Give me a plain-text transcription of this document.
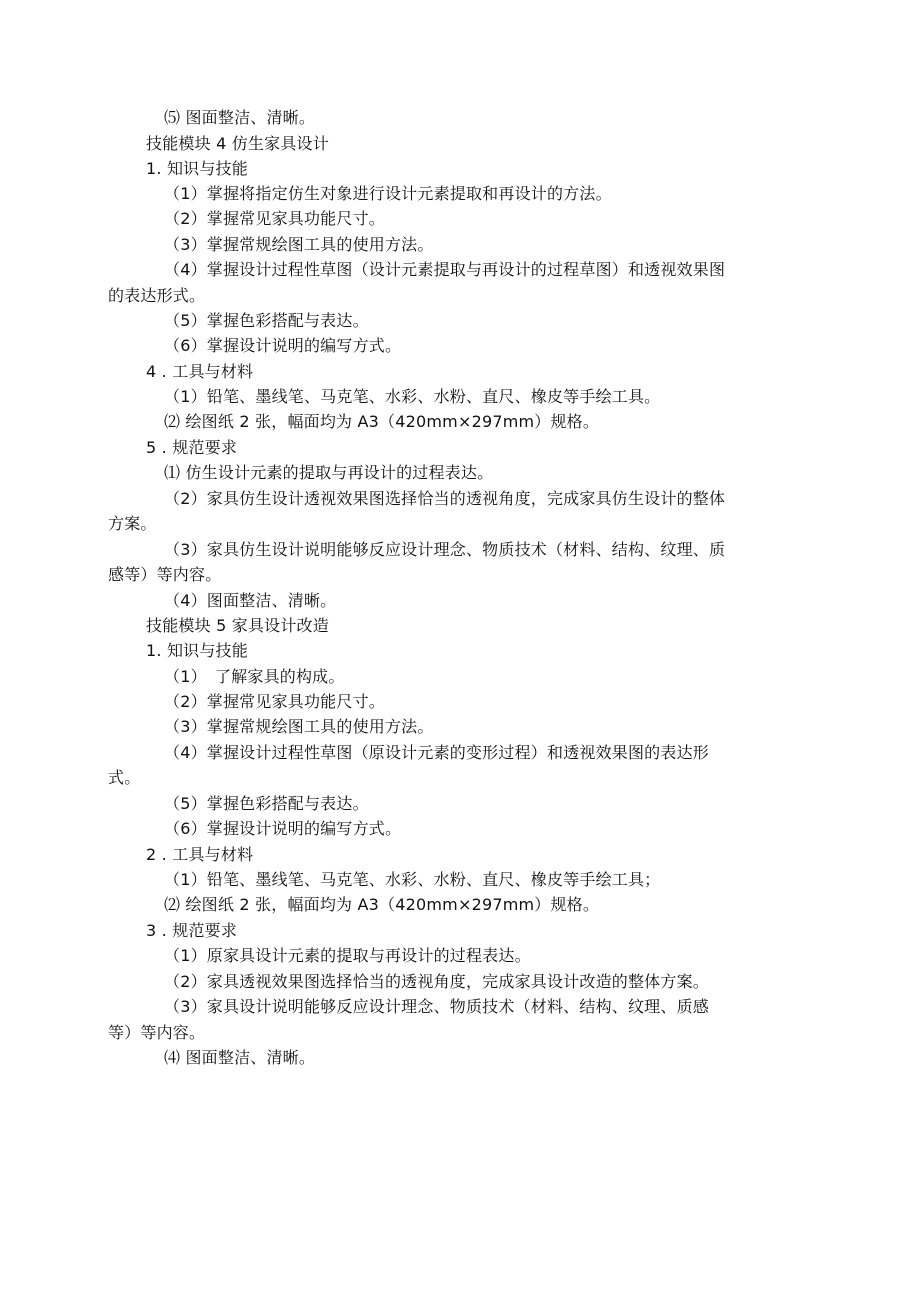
⑸ 图面整洁、清晰。
技能模块 4 仿生家具设计
1. 知识与技能
（1）掌握将指定仿生对象进行设计元素提取和再设计的方法。
（2）掌握常见家具功能尺寸。
（3）掌握常规绘图工具的使用方法。
（4）掌握设计过程性草图（设计元素提取与再设计的过程草图）和透视效果图
的表达形式。
（5）掌握色彩搭配与表达。
（6）掌握设计说明的编写方式。
4 . 工具与材料
（1）铅笔、墨线笔、马克笔、水彩、水粉、直尺、橡皮等手绘工具。
⑵ 绘图纸 2 张，幅面均为 A3（420mm×297mm）规格。
5 . 规范要求
⑴ 仿生设计元素的提取与再设计的过程表达。
（2）家具仿生设计透视效果图选择恰当的透视角度，完成家具仿生设计的整体
方案。
（3）家具仿生设计说明能够反应设计理念、物质技术（材料、结构、纹理、质
感等）等内容。
（4）图面整洁、清晰。
技能模块 5 家具设计改造
1. 知识与技能
（1）　了解家具的构成。
（2）掌握常见家具功能尺寸。
（3）掌握常规绘图工具的使用方法。
（4）掌握设计过程性草图（原设计元素的变形过程）和透视效果图的表达形
式。
（5）掌握色彩搭配与表达。
（6）掌握设计说明的编写方式。
2 . 工具与材料
（1）铅笔、墨线笔、马克笔、水彩、水粉、直尺、橡皮等手绘工具；
⑵ 绘图纸 2 张，幅面均为 A3（420mm×297mm）规格。
3 . 规范要求
（1）原家具设计元素的提取与再设计的过程表达。
（2）家具透视效果图选择恰当的透视角度，完成家具设计改造的整体方案。
（3）家具设计说明能够反应设计理念、物质技术（材料、结构、纹理、质感
等）等内容。
⑷ 图面整洁、清晰。
